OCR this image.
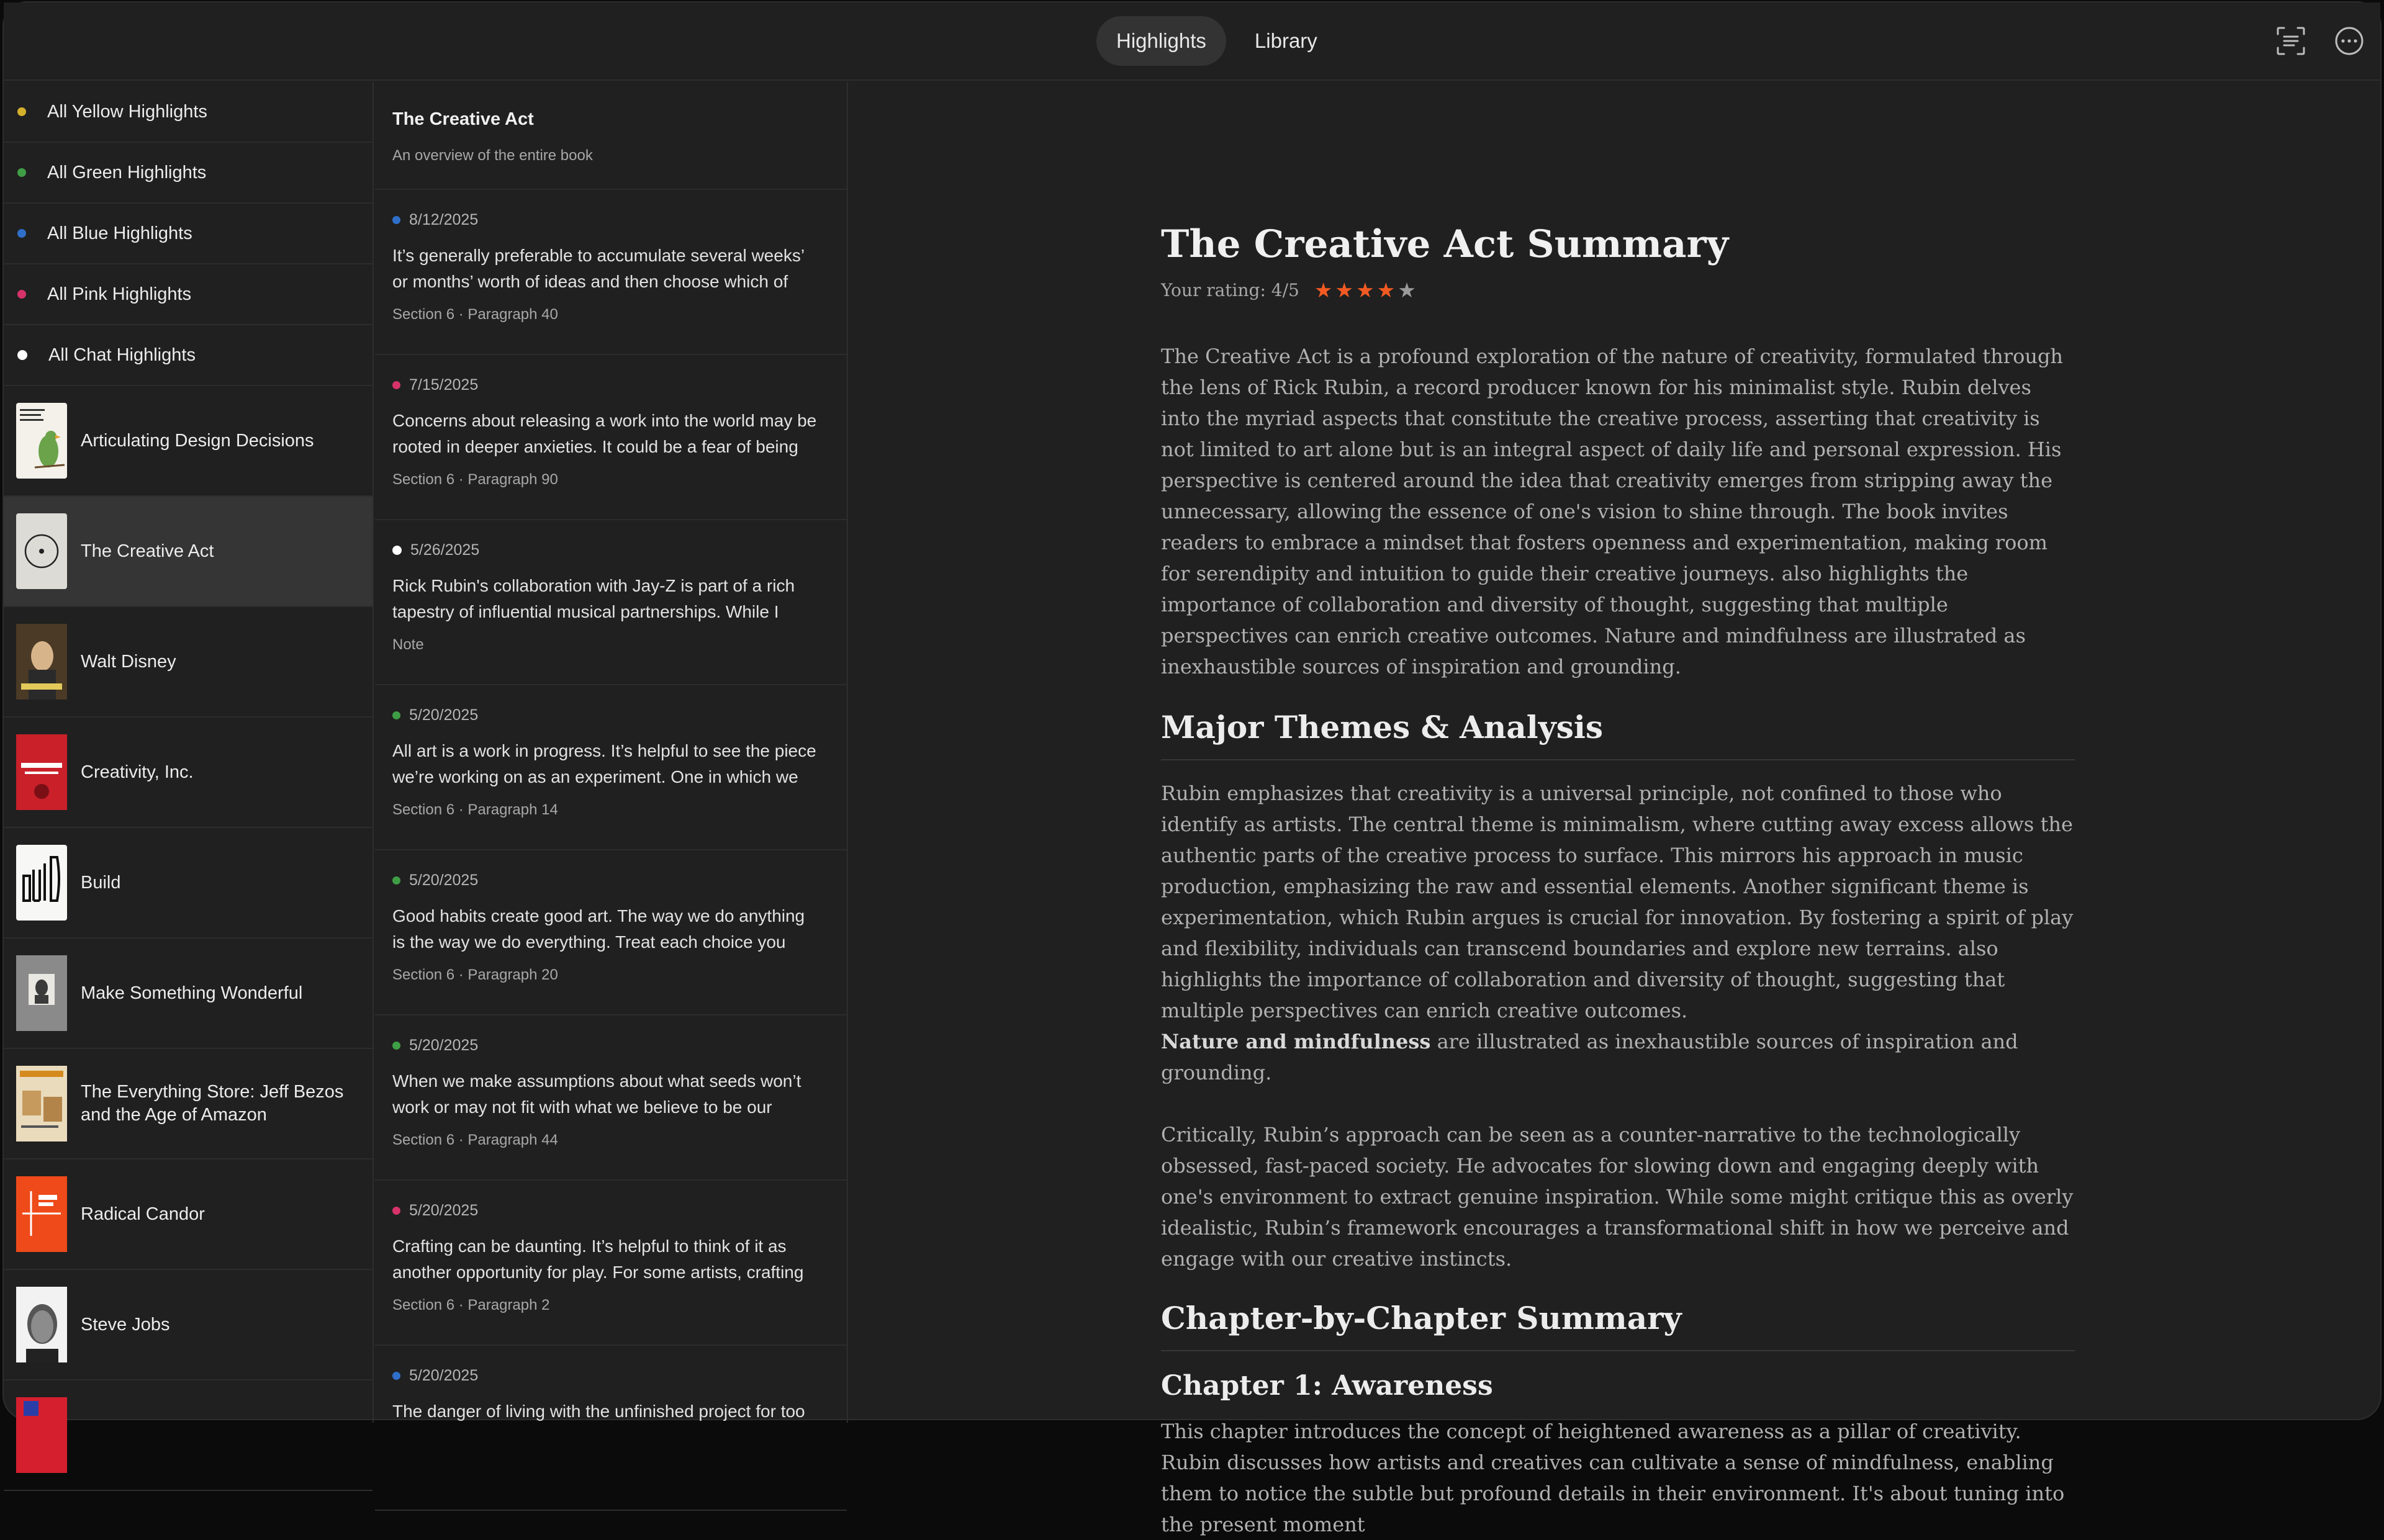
Highlights	Library
All Yellow Highlights
All Green Highlights
All Blue Highlights
All Pink Highlights
All Chat Highlights
Articulating Design Decisions
The Creative Act
Walt Disney
Creativity, Inc.
Build
Make Something Wonderful
The Everything Store: Jeff Bezos and the Age of Amazon
Radical Candor
Steve Jobs
The Creative Act
An overview of the entire book
8/12/2025
It’s generally preferable to accumulate several weeks’
or months’ worth of ideas and then choose which of
Section 6 · Paragraph 40
7/15/2025
Concerns about releasing a work into the world may be
rooted in deeper anxieties. It could be a fear of being
Section 6 · Paragraph 90
5/26/2025
Rick Rubin's collaboration with Jay-Z is part of a rich
tapestry of influential musical partnerships. While I
Note
5/20/2025
All art is a work in progress. It’s helpful to see the piece
we’re working on as an experiment. One in which we
Section 6 · Paragraph 14
5/20/2025
Good habits create good art. The way we do anything
is the way we do everything. Treat each choice you
Section 6 · Paragraph 20
5/20/2025
When we make assumptions about what seeds won’t
work or may not fit with what we believe to be our
Section 6 · Paragraph 44
5/20/2025
Crafting can be daunting. It’s helpful to think of it as
another opportunity for play. For some artists, crafting
Section 6 · Paragraph 2
5/20/2025
The danger of living with the unfinished project for too
The Creative Act Summary
Your rating: 4/5 ★★★★★

The Creative Act is a profound exploration of the nature of creativity, formulated through the lens of Rick Rubin, a record producer known for his minimalist style. Rubin delves into the myriad aspects that constitute the creative process, asserting that creativity is not limited to art alone but is an integral aspect of daily life and personal expression. His perspective is centered around the idea that creativity emerges from stripping away the unnecessary, allowing the essence of one's vision to shine through. The book invites readers to embrace a mindset that fosters openness and experimentation, making room for serendipity and intuition to guide their creative journeys. also highlights the importance of collaboration and diversity of thought, suggesting that multiple perspectives can enrich creative outcomes. Nature and mindfulness are illustrated as inexhaustible sources of inspiration and grounding.

Major Themes & Analysis

Rubin emphasizes that creativity is a universal principle, not confined to those who identify as artists. The central theme is minimalism, where cutting away excess allows the authentic parts of the creative process to surface. This mirrors his approach in music production, emphasizing the raw and essential elements. Another significant theme is experimentation, which Rubin argues is crucial for innovation. By fostering a spirit of play and flexibility, individuals can transcend boundaries and explore new terrains. also highlights the importance of collaboration and diversity of thought, suggesting that multiple perspectives can enrich creative outcomes.
Nature and mindfulness are illustrated as inexhaustible sources of inspiration and grounding.

Critically, Rubin’s approach can be seen as a counter-narrative to the technologically obsessed, fast-paced society. He advocates for slowing down and engaging deeply with one's environment to extract genuine inspiration. While some might critique this as overly idealistic, Rubin’s framework encourages a transformational shift in how we perceive and engage with our creative instincts.

Chapter-by-Chapter Summary
Chapter 1: Awareness

This chapter introduces the concept of heightened awareness as a pillar of creativity. Rubin discusses how artists and creatives can cultivate a sense of mindfulness, enabling them to notice the subtle but profound details in their environment. It's about tuning into the present moment
